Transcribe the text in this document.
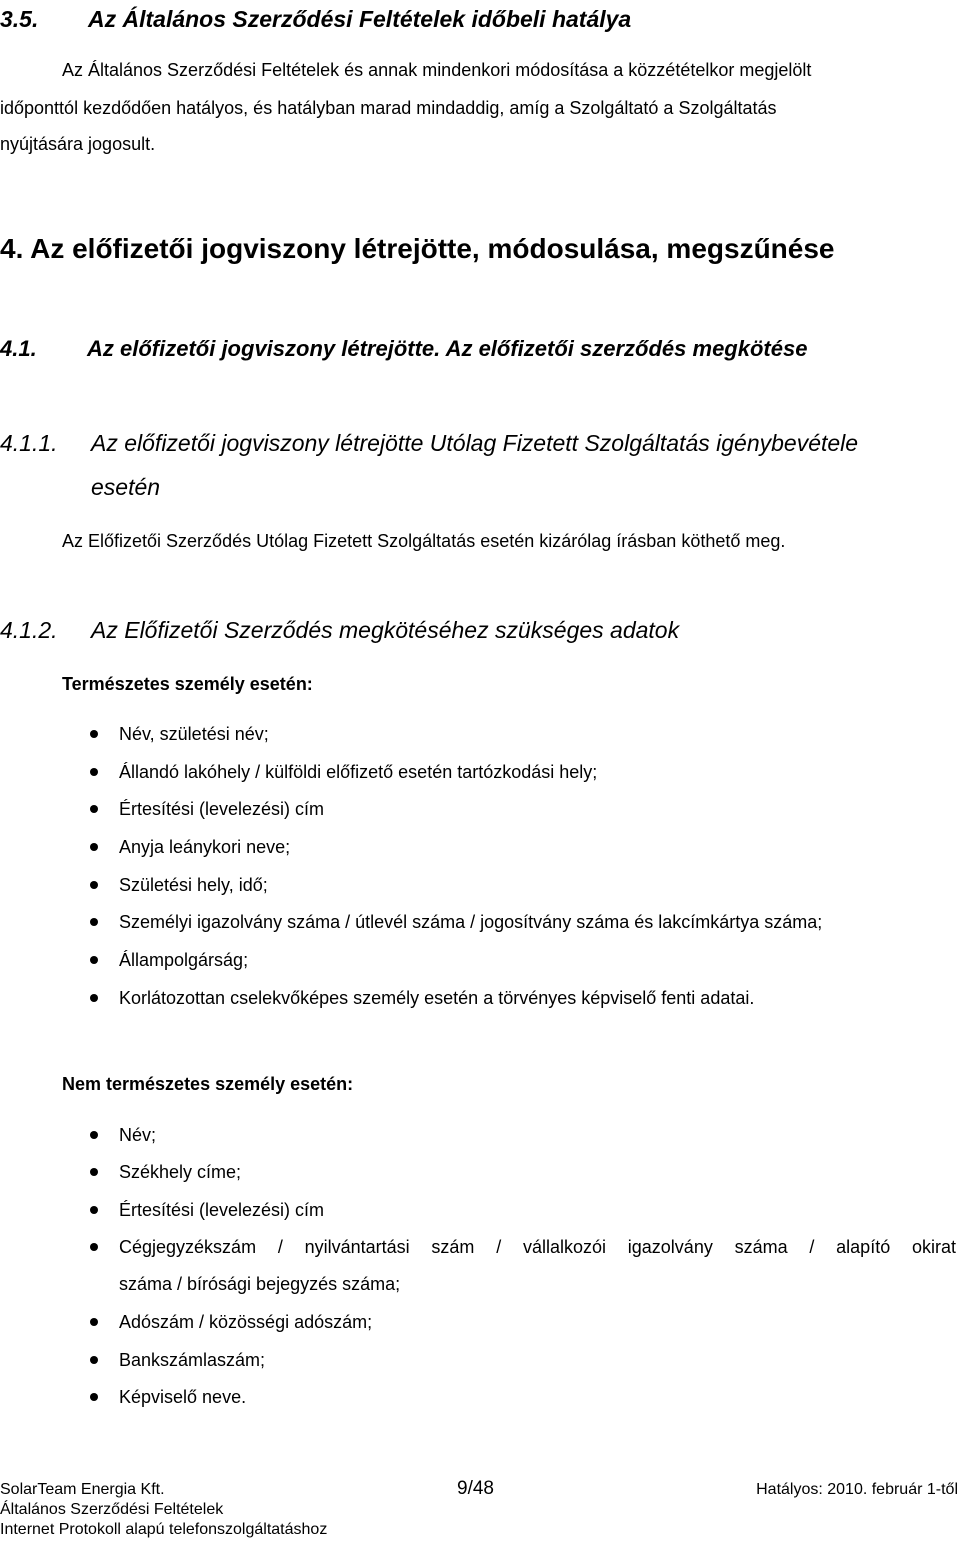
3.5. Az Általános Szerződési Feltételek időbeli hatálya
Az Általános Szerződési Feltételek és annak mindenkori módosítása a közzétételkor megjelölt
időponttól kezdődően hatályos, és hatályban marad mindaddig, amíg a Szolgáltató a Szolgáltatás
nyújtására jogosult.
4. Az előfizetői jogviszony létrejötte, módosulása, megszűnése
4.1. Az előfizetői jogviszony létrejötte. Az előfizetői szerződés megkötése
4.1.1. Az előfizetői jogviszony létrejötte Utólag Fizetett Szolgáltatás igénybevétele
esetén
Az Előfizetői Szerződés Utólag Fizetett Szolgáltatás esetén kizárólag írásban köthető meg.
4.1.2. Az Előfizetői Szerződés megkötéséhez szükséges adatok
Természetes személy esetén:
Név, születési név;
Állandó lakóhely / külföldi előfizető esetén tartózkodási hely;
Értesítési (levelezési) cím
Anyja leánykori neve;
Születési hely, idő;
Személyi igazolvány száma / útlevél száma / jogosítvány száma és lakcímkártya száma;
Állampolgárság;
Korlátozottan cselekvőképes személy esetén a törvényes képviselő fenti adatai.
Nem természetes személy esetén:
Név;
Székhely címe;
Értesítési (levelezési) cím
Cégjegyzékszám / nyilvántartási szám / vállalkozói igazolvány száma / alapító okirat
száma / bírósági bejegyzés száma;
Adószám / közösségi adószám;
Bankszámlaszám;
Képviselő neve.
SolarTeam Energia Kft.	9/48	Hatályos: 2010. február 1-től
Általános Szerződési Feltételek
Internet Protokoll alapú telefonszolgáltatáshoz
